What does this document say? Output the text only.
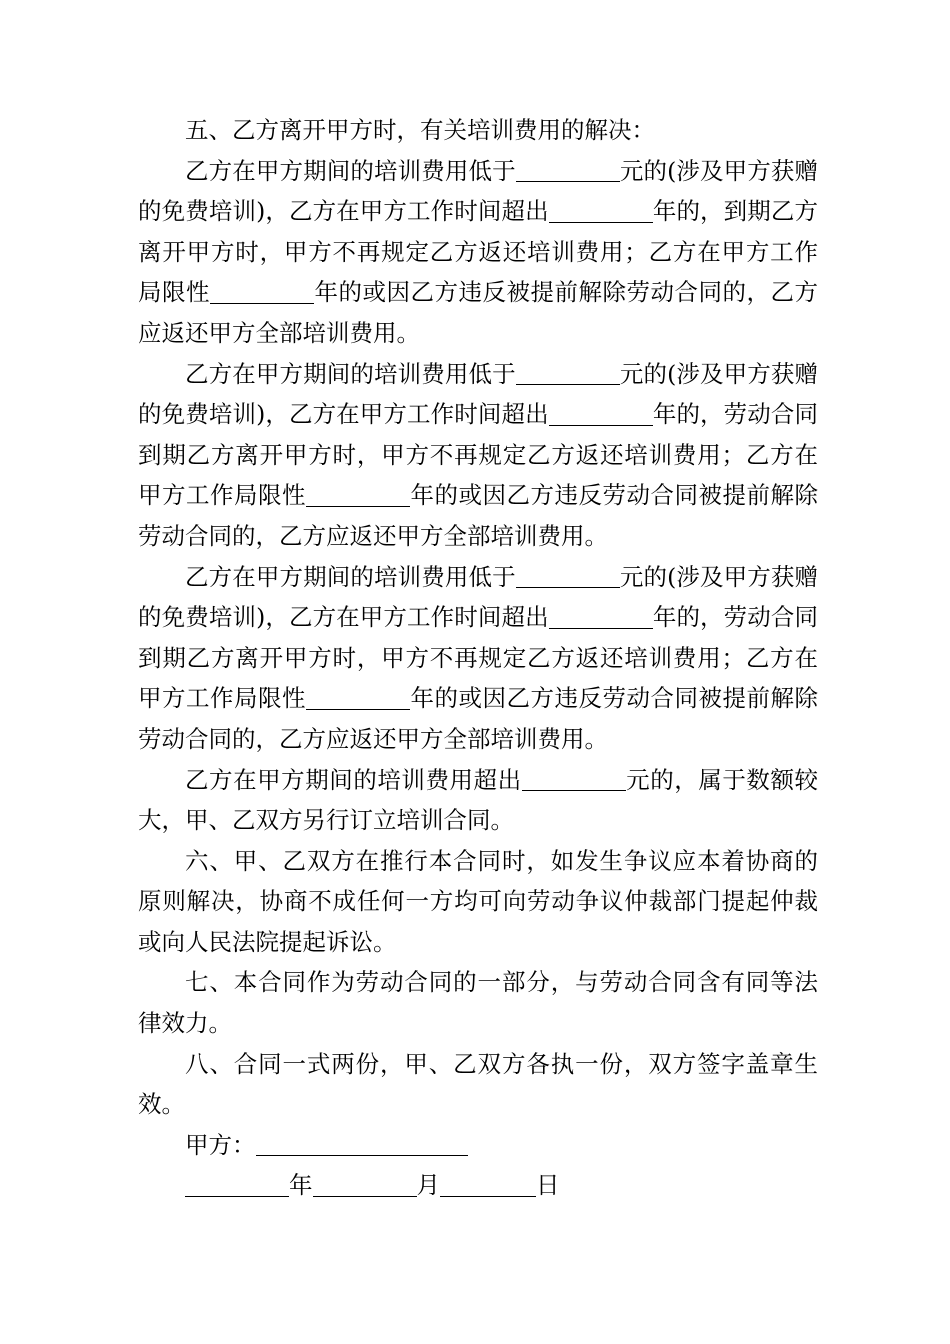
五、乙方离开甲方时，有关培训费用的解决：

乙方在甲方期间的培训费用低于	元的(涉及甲方获赠的免费培训)，乙方在甲方工作时间超出	年的，到期乙方离开甲方时，甲方不再规定乙方返还培训费用；乙方在甲方工作局限性	年的或因乙方违反被提前解除劳动合同的，乙方应返还甲方全部培训费用。

乙方在甲方期间的培训费用低于	元的(涉及甲方获赠的免费培训)，乙方在甲方工作时间超出	年的，劳动合同到期乙方离开甲方时，甲方不再规定乙方返还培训费用；乙方在甲方工作局限性	年的或因乙方违反劳动合同被提前解除劳动合同的，乙方应返还甲方全部培训费用。

乙方在甲方期间的培训费用低于	元的(涉及甲方获赠的免费培训)，乙方在甲方工作时间超出	年的，劳动合同到期乙方离开甲方时，甲方不再规定乙方返还培训费用；乙方在甲方工作局限性	年的或因乙方违反劳动合同被提前解除劳动合同的，乙方应返还甲方全部培训费用。

乙方在甲方期间的培训费用超出	元的，属于数额较大，甲、乙双方另行订立培训合同。

六、甲、乙双方在推行本合同时，如发生争议应本着协商的原则解决，协商不成任何一方均可向劳动争议仲裁部门提起仲裁或向人民法院提起诉讼。

七、本合同作为劳动合同的一部分，与劳动合同含有同等法律效力。

八、合同一式两份，甲、乙双方各执一份，双方签字盖章生效。

甲方：

年	月	日
